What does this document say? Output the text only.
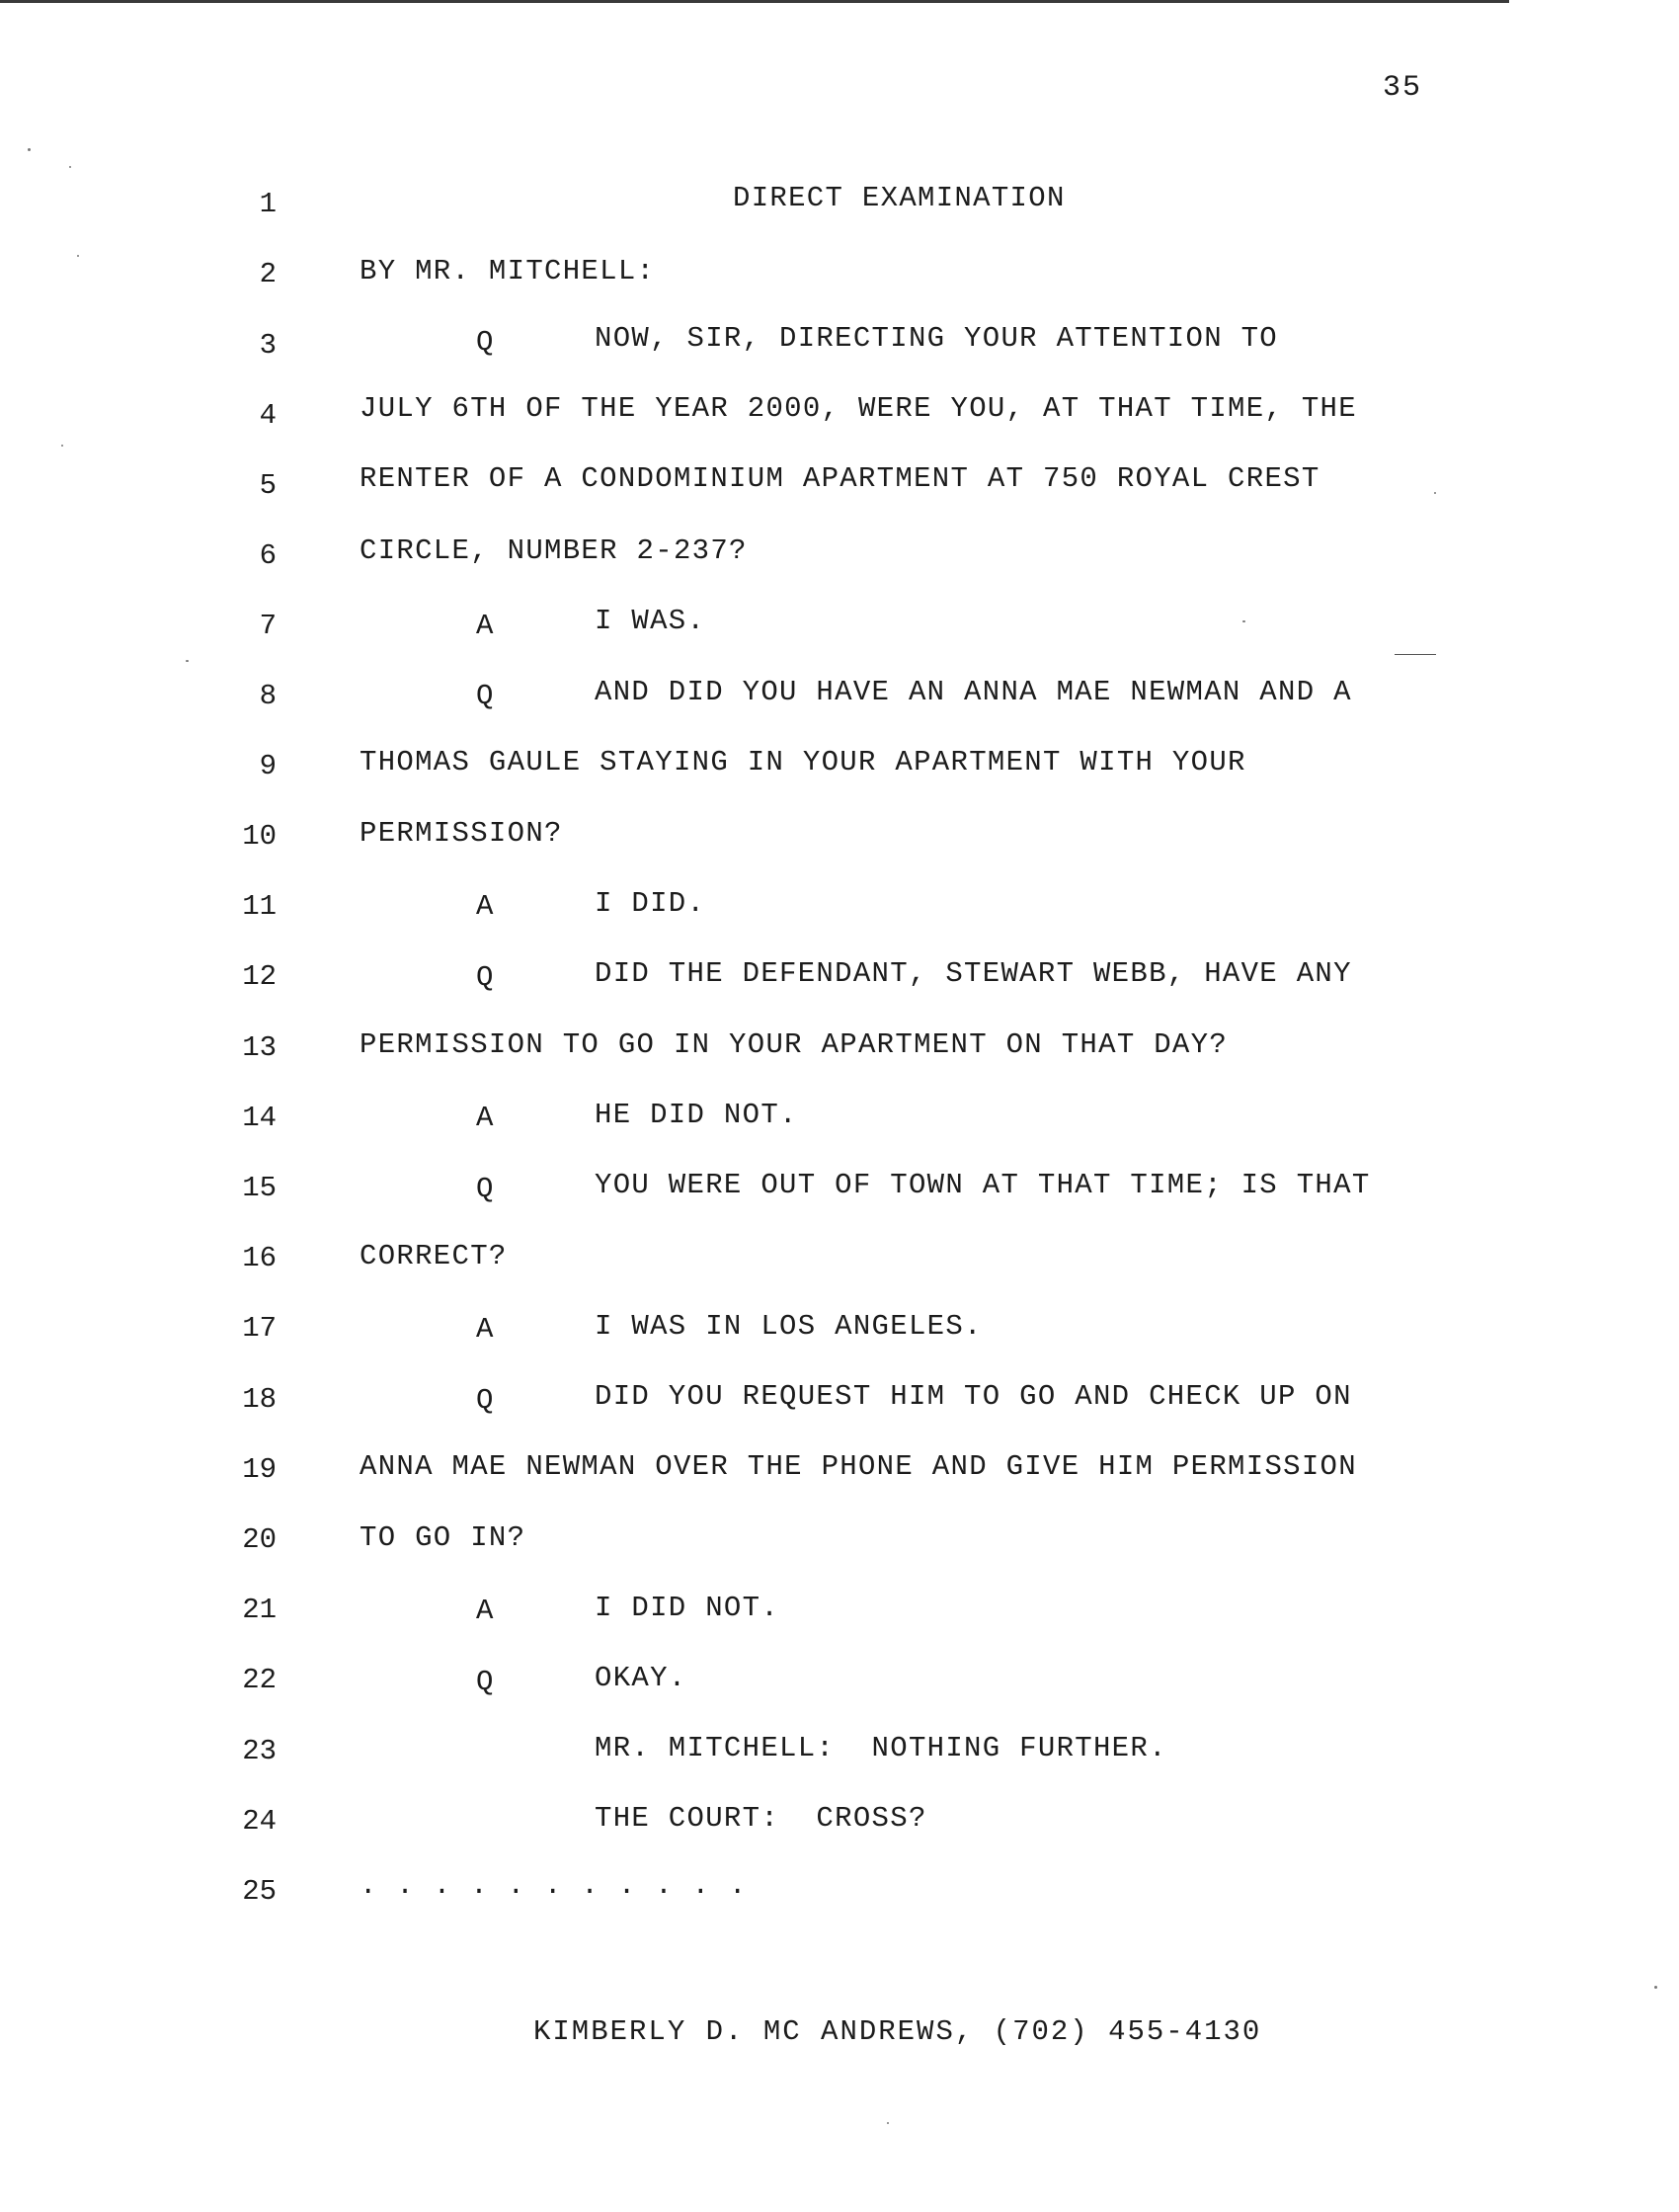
35
1	DIRECT EXAMINATION
2	BY MR. MITCHELL:
3	Q	NOW, SIR, DIRECTING YOUR ATTENTION TO
4	JULY 6TH OF THE YEAR 2000, WERE YOU, AT THAT TIME, THE
5	RENTER OF A CONDOMINIUM APARTMENT AT 750 ROYAL CREST
6	CIRCLE, NUMBER 2-237?
7	A	I WAS.
8	Q	AND DID YOU HAVE AN ANNA MAE NEWMAN AND A
9	THOMAS GAULE STAYING IN YOUR APARTMENT WITH YOUR
10	PERMISSION?
11	A	I DID.
12	Q	DID THE DEFENDANT, STEWART WEBB, HAVE ANY
13	PERMISSION TO GO IN YOUR APARTMENT ON THAT DAY?
14	A	HE DID NOT.
15	Q	YOU WERE OUT OF TOWN AT THAT TIME; IS THAT
16	CORRECT?
17	A	I WAS IN LOS ANGELES.
18	Q	DID YOU REQUEST HIM TO GO AND CHECK UP ON
19	ANNA MAE NEWMAN OVER THE PHONE AND GIVE HIM PERMISSION
20	TO GO IN?
21	A	I DID NOT.
22	Q	OKAY.
23	MR. MITCHELL:  NOTHING FURTHER.
24	THE COURT:  CROSS?
25	. . . . . . . . . . .
KIMBERLY D. MC ANDREWS, (702) 455-4130
